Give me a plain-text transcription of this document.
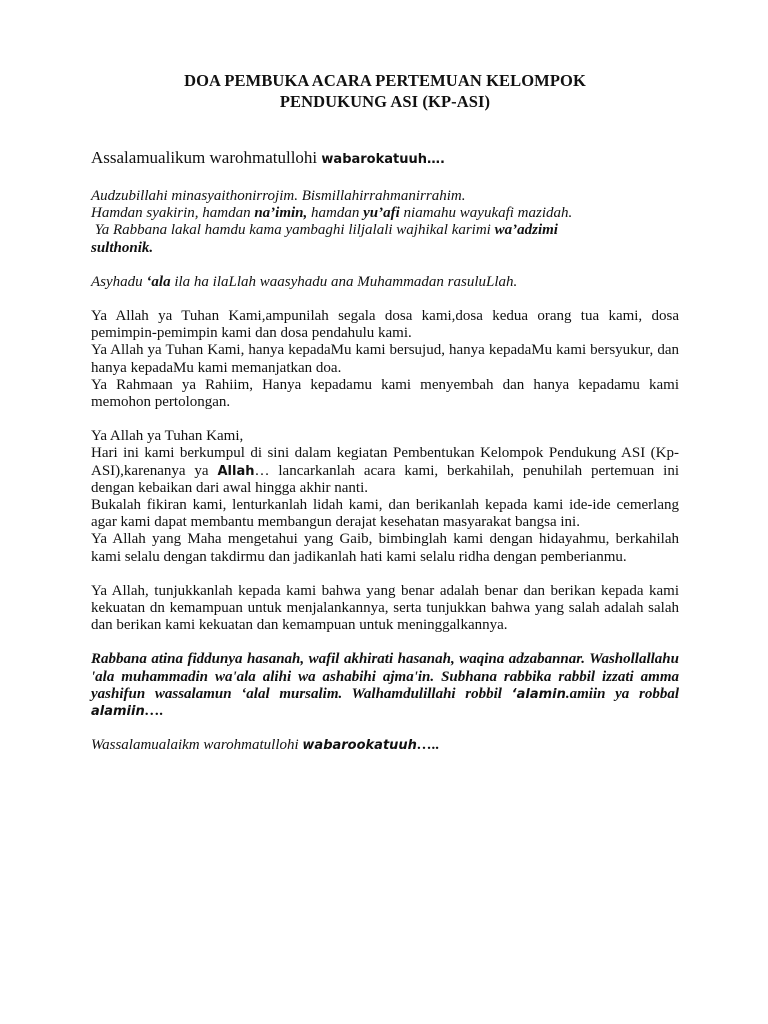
DOA PEMBUKA ACARA PERTEMUAN KELOMPOK
PENDUKUNG ASI (KP-ASI)
Assalamualikum warohmatullohi wabarokatuuh….

Audzubillahi minasyaithonirrojim. Bismillahirrahmanirrahim.
Hamdan syakirin, hamdan na’imin, hamdan yu’afi niamahu wayukafi mazidah.
Ya Rabbana lakal hamdu kama yambaghi liljalali wajhikal karimi wa’adzimi
sulthonik.

Asyhadu ‘ala ila ha ilaLlah waasyhadu ana Muhammadan rasuluLlah.

Ya Allah ya Tuhan Kami,ampunilah segala dosa kami,dosa kedua orang tua kami, dosa pemimpin-pemimpin kami dan dosa pendahulu kami.

Ya Allah ya Tuhan Kami, hanya kepadaMu kami bersujud, hanya kepadaMu kami bersyukur, dan hanya kepadaMu kami memanjatkan doa.

Ya Rahmaan ya Rahiim, Hanya kepadamu kami menyembah dan hanya kepadamu kami memohon pertolongan.

Ya Allah ya Tuhan Kami,

Hari ini kami berkumpul di sini dalam kegiatan Pembentukan Kelompok Pendukung ASI (Kp-ASI),karenanya ya Allah… lancarkanlah acara kami, berkahilah, penuhilah pertemuan ini dengan kebaikan dari awal hingga akhir nanti.

Bukalah fikiran kami, lenturkanlah lidah kami, dan berikanlah kepada kami ide-ide cemerlang agar kami dapat membantu membangun derajat kesehatan masyarakat bangsa ini.

Ya Allah yang Maha mengetahui yang Gaib, bimbinglah kami dengan hidayahmu, berkahilah kami selalu dengan takdirmu dan jadikanlah hati kami selalu ridha dengan pemberianmu.

Ya Allah, tunjukkanlah kepada kami bahwa yang benar adalah benar dan berikan kepada kami kekuatan dn kemampuan untuk menjalankannya, serta tunjukkan bahwa yang salah adalah salah dan berikan kami kekuatan dan kemampuan untuk meninggalkannya.

Rabbana atina fiddunya hasanah, wafil akhirati hasanah, waqina adzabannar. Washollallahu 'ala muhammadin wa'ala alihi wa ashabihi ajma'in. Subhana rabbika rabbil izzati amma yashifun wassalamun ‘alal mursalim. Walhamdulillahi robbil ‘alamin.amiin ya robbal alamiin….

Wassalamualaikm warohmatullohi wabarookatuuh…..
